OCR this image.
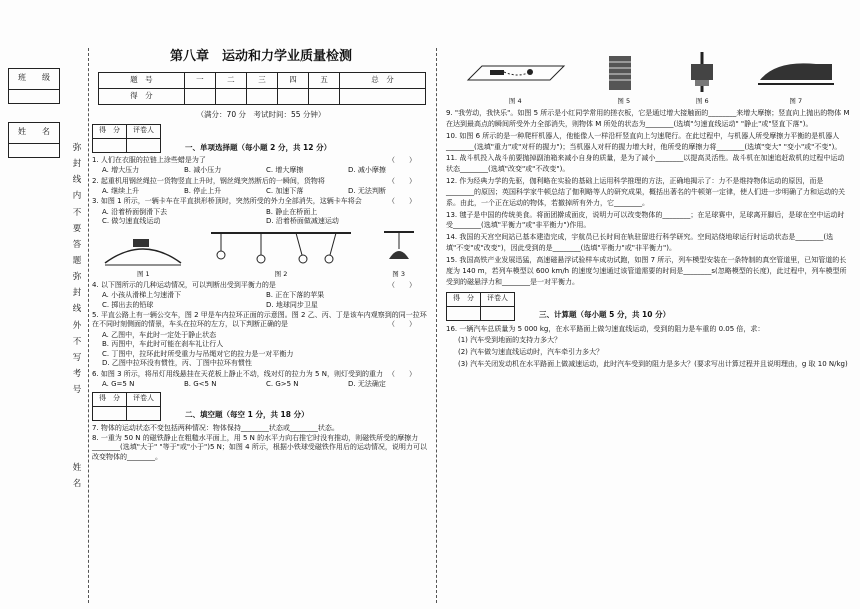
班　　级
姓　　名
弥封线内不要答题　弥封线外不写考号
姓名
第八章　运动和力学业质量检测
题　号	一	二	三	四	五	总　分
得　分						
（满分：70 分　考试时间：55 分钟）
得　分	评卷人

一、单项选择题（每小题 2 分，共 12 分）
1. 人们在衣服的拉链上涂些蜡是为了	（　　）
A. 增大压力	B. 减小压力	C. 增大摩擦	D. 减小摩擦
2. 起重机用钢丝绳拉一货物竖直上升时，钢丝绳突然断后的一瞬间，货物将	（　　）
A. 继续上升	B. 停止上升	C. 加速下落	D. 无法判断
3. 如图 1 所示，一辆卡车在平直拱形桥顶时，突然所受的外力全部消失，这辆卡车将会	（　　）
A. 沿着桥面倒滑下去	B. 静止在桥面上
C. 做匀速直线运动	D. 沿着桥面做减速运动
图 1	图 2	图 3
4. 以下图所示的几种运动情况，可以判断出受到平衡力的是	（　　）
A. 小孩从滑梯上匀速滑下	B. 正在下落的苹果
C. 掷出去的铅球	D. 地球同步卫星
5. 平直公路上有一辆公交车，图 2 甲是车内拉环正面的示意图。图 2 乙、丙、丁是该车内观察到的同一拉环在不同时刻侧面的情景，车头在拉环的左方，以下判断正确的是	（　　）
A. 乙图中，车此时一定处于静止状态
B. 丙图中，车此时可能在刹车礼让行人
C. 丁图中，拉环此时所受重力与吊绳对它的拉力是一对平衡力
D. 乙图中拉环没有惯性，丙、丁图中拉环有惯性
6. 如图 3 所示，将吊灯用线悬挂在天花板上静止不动，线对灯的拉力为 5 N，则灯受到的重力 （　　）
A. G=5 N	B. G<5 N	C. G>5 N	D. 无法确定
得　分	评卷人

二、填空题（每空 1 分，共 18 分）
7. 物体的运动状态不变包括两种情况：物体保持________状态或________状态。
8. 一重为 50 N 的磁铁静止在粗糙水平面上，用 5 N 的水平力向右推它时没有推动，则磁铁所受的摩擦力________(选填"大于" "等于"或"小于")5 N；如图 4 所示，根据小铁球受磁铁作用后的运动情况，说明力可以改变物体的________。
图 4	图 5	图 6	图 7
9. "我劳动，我快乐"。如图 5 所示是小红同学常用的搓衣板，它是通过增大接触面的________来增大摩擦；竖直向上抛出的物体 M 在达到最高点的瞬间所受外力全部消失，则物体 M 所处的状态为________(选填"匀速直线运动" "静止"或"竖直下落")。
10. 如图 6 所示的是一种爬杆机器人，他能像人一样沿杆竖直向上匀速爬行。在此过程中，与机器人所受摩擦力平衡的是机器人________(选填"重力"或"对杆的握力")；当机器人对杆的握力增大时，他所受的摩擦力将________(选填"变大" "变小"或"不变")。
11. 战斗机投入战斗前要抛掉副油箱来减小自身的质量，是为了减小________以提高灵活性。战斗机在加速追赶敌机的过程中运动状态________(选填"改变"或"不改变")。
12. 作为经典力学的先驱，伽利略在实验的基础上运用科学推理的方法，正确地揭示了：力不是维持物体运动的原因，而是________的原因；英国科学家牛顿总结了伽利略等人的研究成果，概括出著名的牛顿第一定律，使人们进一步明确了力和运动的关系。由此，一个正在运动的物体，若撤掉所有外力，它________。
13. 毽子是中国的传统美食。将面团擀成面皮，说明力可以改变物体的________；在足球赛中，足球离开脚后，是球在空中运动时受________(选填"平衡力"或"非平衡力")作用。
14. 我国的天宫空间站已基本建造完成，宇航员已长时间在轨驻留进行科学研究。空间站绕地球运行时运动状态是________(选填"不变"或"改变")，因此受到的是________(选填"平衡力"或"非平衡力")。
15. 我国高铁产业发展迅猛，高速磁悬浮试验样车成功试跑，如图 7 所示，列车模型安装在一条特制的真空管道里，已知管道的长度为 140 m，若列车模型以 600 km/h 的速度匀速通过该管道需要的时间是________s(忽略模型的长度)，此过程中，列车模型所受到的磁悬浮力和________是一对平衡力。
得　分	评卷人

三、计算题（每小题 5 分，共 10 分）
16. 一辆汽车总质量为 5 000 kg，在水平路面上做匀速直线运动，受到的阻力是车重的 0.05 倍，求：
(1) 汽车受到地面的支持力多大？
(2) 汽车做匀速直线运动时，汽车牵引力多大？
(3) 汽车关闭发动机在水平路面上做减速运动，此时汽车受到的阻力是多大？(要求写出计算过程并且说明理由，g 取 10 N/kg)
